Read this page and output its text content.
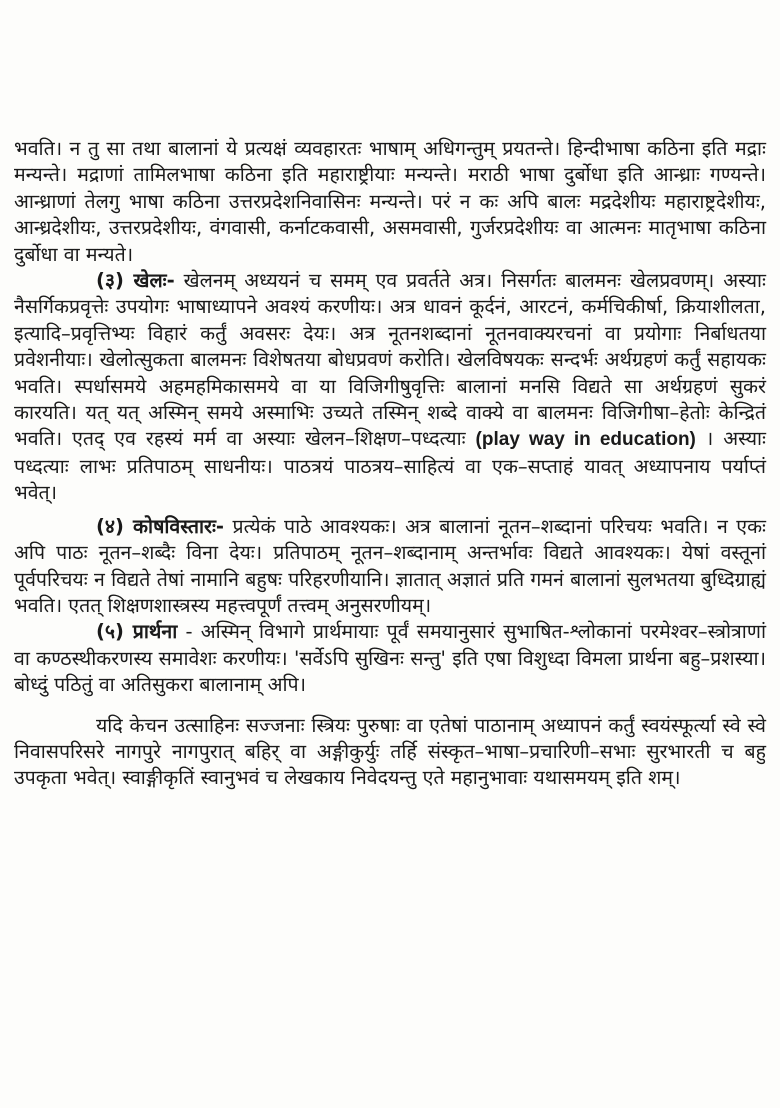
भवति। न तु सा तथा बालानां ये प्रत्यक्षं व्यवहारतः भाषाम् अधिगन्तुम् प्रयतन्ते। हिन्दीभाषा कठिना इति मद्राः मन्यन्ते। मद्राणां तामिलभाषा कठिना इति महाराष्ट्रीयाः मन्यन्ते। मराठी भाषा दुर्बोधा इति आन्ध्राः गण्यन्ते। आन्ध्राणां तेलगु भाषा कठिना उत्तरप्रदेशनिवासिनः मन्यन्ते। परं न कः अपि बालः मद्रदेशीयः महाराष्ट्रदेशीयः, आन्ध्रदेशीयः, उत्तरप्रदेशीयः, वंगवासी, कर्नाटकवासी, असमवासी, गुर्जरप्रदेशीयः वा आत्मनः मातृभाषा कठिना दुर्बोधा वा मन्यते।

(३) खेलः- खेलनम् अध्ययनं च समम् एव प्रवर्तते अत्र। निसर्गतः बालमनः खेलप्रवणम्। अस्याः नैसर्गिकप्रवृत्तेः उपयोगः भाषाध्यापने अवश्यं करणीयः। अत्र धावनं कूर्दनं, आरटनं, कर्मचिकीर्षा, क्रियाशीलता, इत्यादि–प्रवृत्तिभ्यः विहारं कर्तुं अवसरः देयः। अत्र नूतनशब्दानां नूतनवाक्यरचनां वा प्रयोगाः निर्बाधतया प्रवेशनीयाः। खेलोत्सुकता बालमनः विशेषतया बोधप्रवणं करोति। खेलविषयकः सन्दर्भः अर्थग्रहणं कर्तुं सहायकः भवति। स्पर्धासमये अहमहमिकासमये वा या विजिगीषुवृत्तिः बालानां मनसि विद्यते सा अर्थग्रहणं सुकरं कारयति। यत् यत् अस्मिन् समये अस्माभिः उच्यते तस्मिन् शब्दे वाक्ये वा बालमनः विजिगीषा–हेतोः केन्द्रितं भवति। एतद् एव रहस्यं मर्म वा अस्याः खेलन–शिक्षण–पध्दत्याः (play way in education) । अस्याः पध्दत्याः लाभः प्रतिपाठम् साधनीयः। पाठत्रयं पाठत्रय–साहित्यं वा एक–सप्ताहं यावत् अध्यापनाय पर्याप्तं भवेत्।

(४) कोषविस्तारः- प्रत्येकं पाठे आवश्यकः। अत्र बालानां नूतन–शब्दानां परिचयः भवति। न एकः अपि पाठः नूतन–शब्दैः विना देयः। प्रतिपाठम् नूतन–शब्दानाम् अन्तर्भावः विद्यते आवश्यकः। येषां वस्तूनां पूर्वपरिचयः न विद्यते तेषां नामानि बहुषः परिहरणीयानि। ज्ञातात् अज्ञातं प्रति गमनं बालानां सुलभतया बुध्दिग्राह्यं भवति। एतत् शिक्षणशास्त्रस्य महत्त्वपूर्णं तत्त्वम् अनुसरणीयम्।

(५) प्रार्थना - अस्मिन् विभागे प्रार्थमायाः पूर्वं समयानुसारं सुभाषित-श्लोकानां परमेश्वर–स्त्रोत्राणां वा कण्ठस्थीकरणस्य समावेशः करणीयः। 'सर्वेऽपि सुखिनः सन्तु' इति एषा विशुध्दा विमला प्रार्थना बहु–प्रशस्या। बोध्दुं पठितुं वा अतिसुकरा बालानाम् अपि।

यदि केचन उत्साहिनः सज्जनाः स्त्रियः पुरुषाः वा एतेषां पाठानाम् अध्यापनं कर्तुं स्वयंस्फूर्त्या स्वे स्वे निवासपरिसरे नागपुरे नागपुरात् बहिर् वा अङ्गीकुर्युः तर्हि संस्कृत–भाषा–प्रचारिणी–सभाः सुरभारती च बहु उपकृता भवेत्। स्वाङ्गीकृतिं स्वानुभवं च लेखकाय निवेदयन्तु एते महानुभावाः यथासमयम् इति शम्।
